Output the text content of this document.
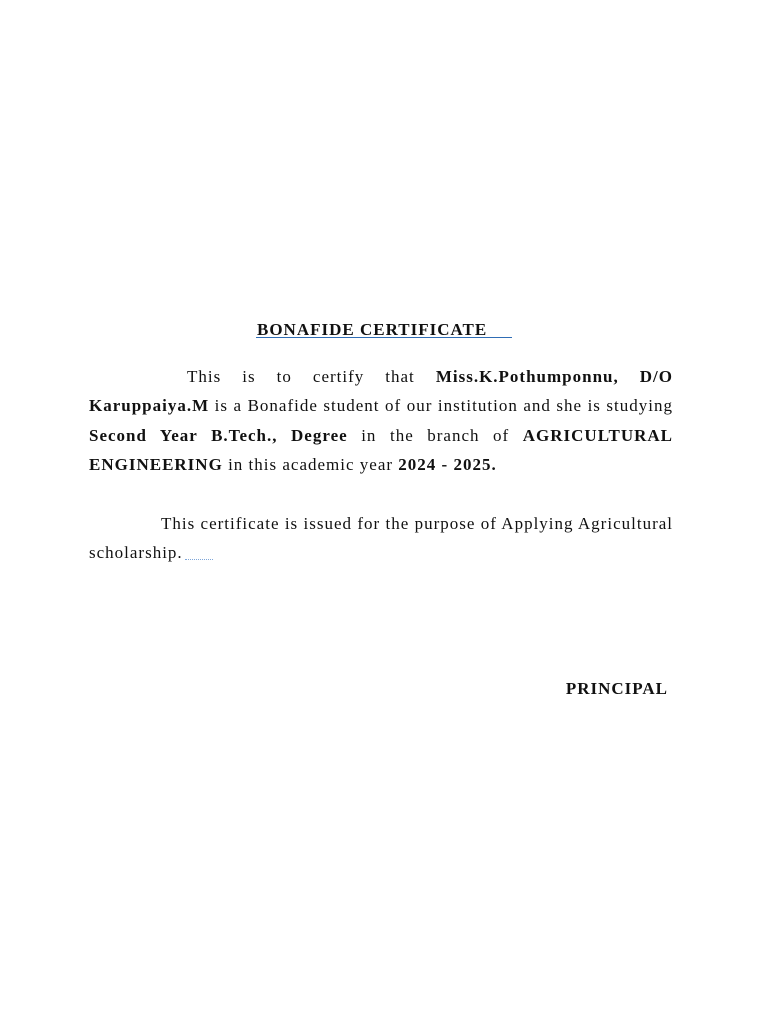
BONAFIDE CERTIFICATE
This is to certify that Miss.K.Pothumponnu, D/O Karuppaiya.M is a Bonafide student of our institution and she is studying Second Year B.Tech., Degree in the branch of AGRICULTURAL ENGINEERING in this academic year 2024 - 2025.
This certificate is issued for the purpose of Applying Agricultural scholarship.
PRINCIPAL
